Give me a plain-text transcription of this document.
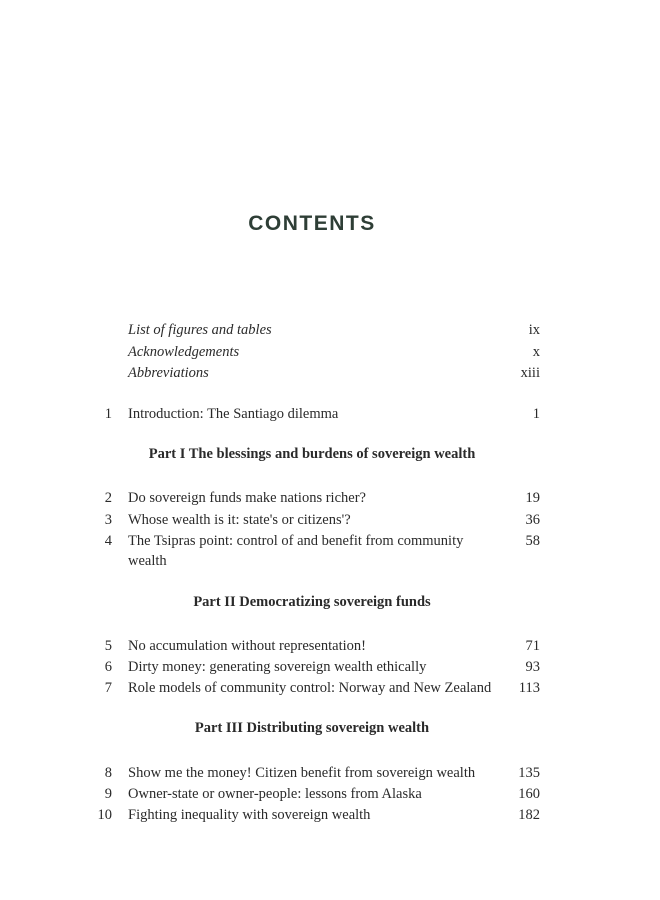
CONTENTS
List of figures and tables	ix
Acknowledgements	x
Abbreviations	xiii
1 Introduction: The Santiago dilemma	1
Part I The blessings and burdens of sovereign wealth
2 Do sovereign funds make nations richer?	19
3 Whose wealth is it: state's or citizens'?	36
4 The Tsipras point: control of and benefit from community	58
wealth
Part II Democratizing sovereign funds
5 No accumulation without representation!	71
6 Dirty money: generating sovereign wealth ethically	93
7 Role models of community control: Norway and New Zealand	113
Part III Distributing sovereign wealth
8 Show me the money! Citizen benefit from sovereign wealth	135
9 Owner-state or owner-people: lessons from Alaska	160
10 Fighting inequality with sovereign wealth	182
